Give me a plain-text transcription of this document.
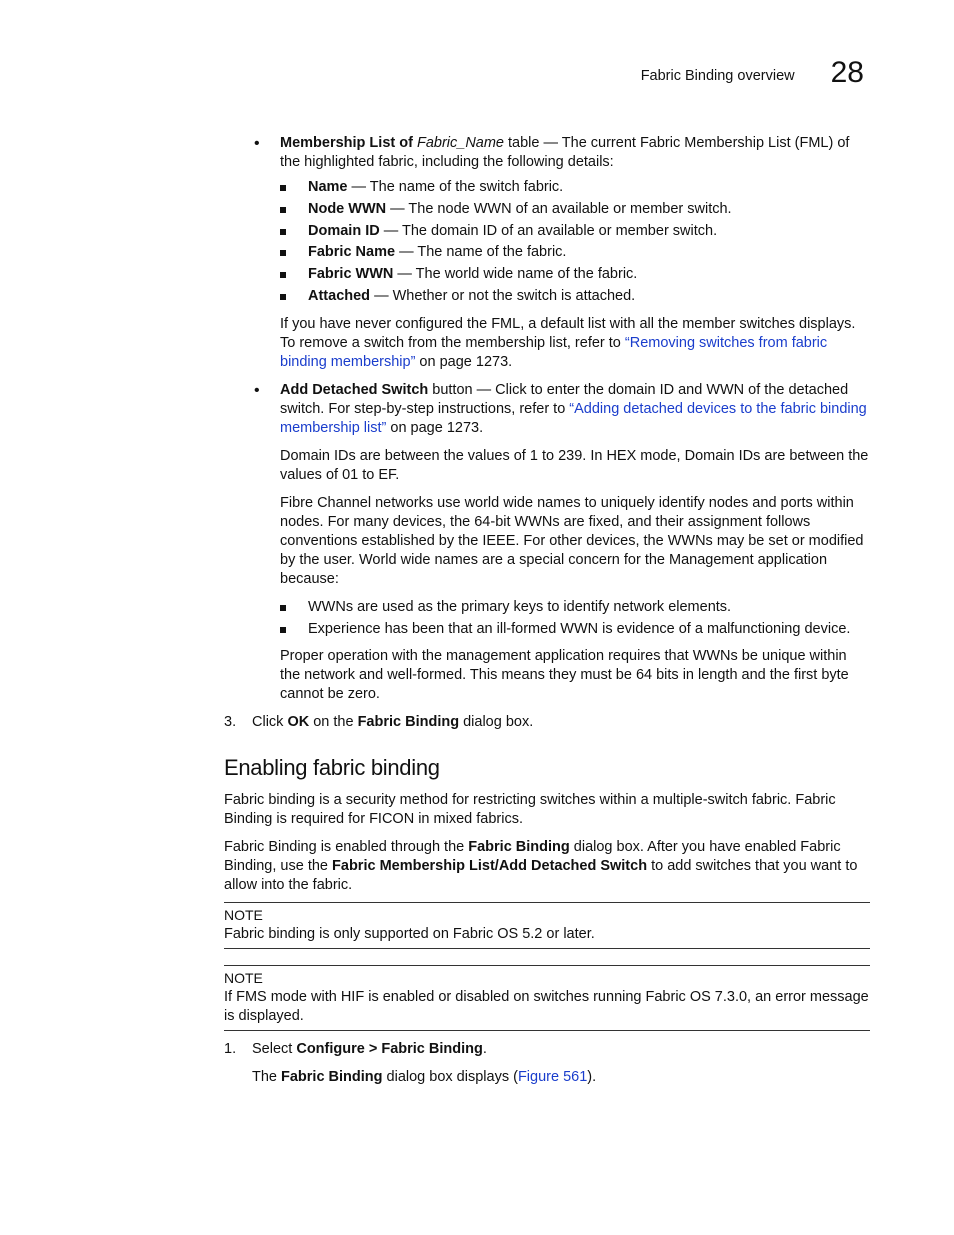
Fabric Binding overview 28
• Membership List of Fabric_Name table — The current Fabric Membership List (FML) of the highlighted fabric, including the following details:

Name — The name of the switch fabric.
Node WWN — The node WWN of an available or member switch.
Domain ID — The domain ID of an available or member switch.
Fabric Name — The name of the fabric.
Fabric WWN — The world wide name of the fabric.
Attached — Whether or not the switch is attached.

If you have never configured the FML, a default list with all the member switches displays. To remove a switch from the membership list, refer to “Removing switches from fabric binding membership” on page 1273.

• Add Detached Switch button — Click to enter the domain ID and WWN of the detached switch. For step-by-step instructions, refer to “Adding detached devices to the fabric binding membership list” on page 1273.

Domain IDs are between the values of 1 to 239. In HEX mode, Domain IDs are between the values of 01 to EF.

Fibre Channel networks use world wide names to uniquely identify nodes and ports within nodes. For many devices, the 64-bit WWNs are fixed, and their assignment follows conventions established by the IEEE. For other devices, the WWNs may be set or modified by the user. World wide names are a special concern for the Management application because:

WWNs are used as the primary keys to identify network elements.
Experience has been that an ill-formed WWN is evidence of a malfunctioning device.

Proper operation with the management application requires that WWNs be unique within the network and well-formed. This means they must be 64 bits in length and the first byte cannot be zero.

3. Click OK on the Fabric Binding dialog box.

Enabling fabric binding

Fabric binding is a security method for restricting switches within a multiple-switch fabric. Fabric Binding is required for FICON in mixed fabrics.

Fabric Binding is enabled through the Fabric Binding dialog box. After you have enabled Fabric Binding, use the Fabric Membership List/Add Detached Switch to add switches that you want to allow into the fabric.

NOTE

Fabric binding is only supported on Fabric OS 5.2 or later.

NOTE

If FMS mode with HIF is enabled or disabled on switches running Fabric OS 7.3.0, an error message is displayed.

1. Select Configure > Fabric Binding.

The Fabric Binding dialog box displays (Figure 561).
